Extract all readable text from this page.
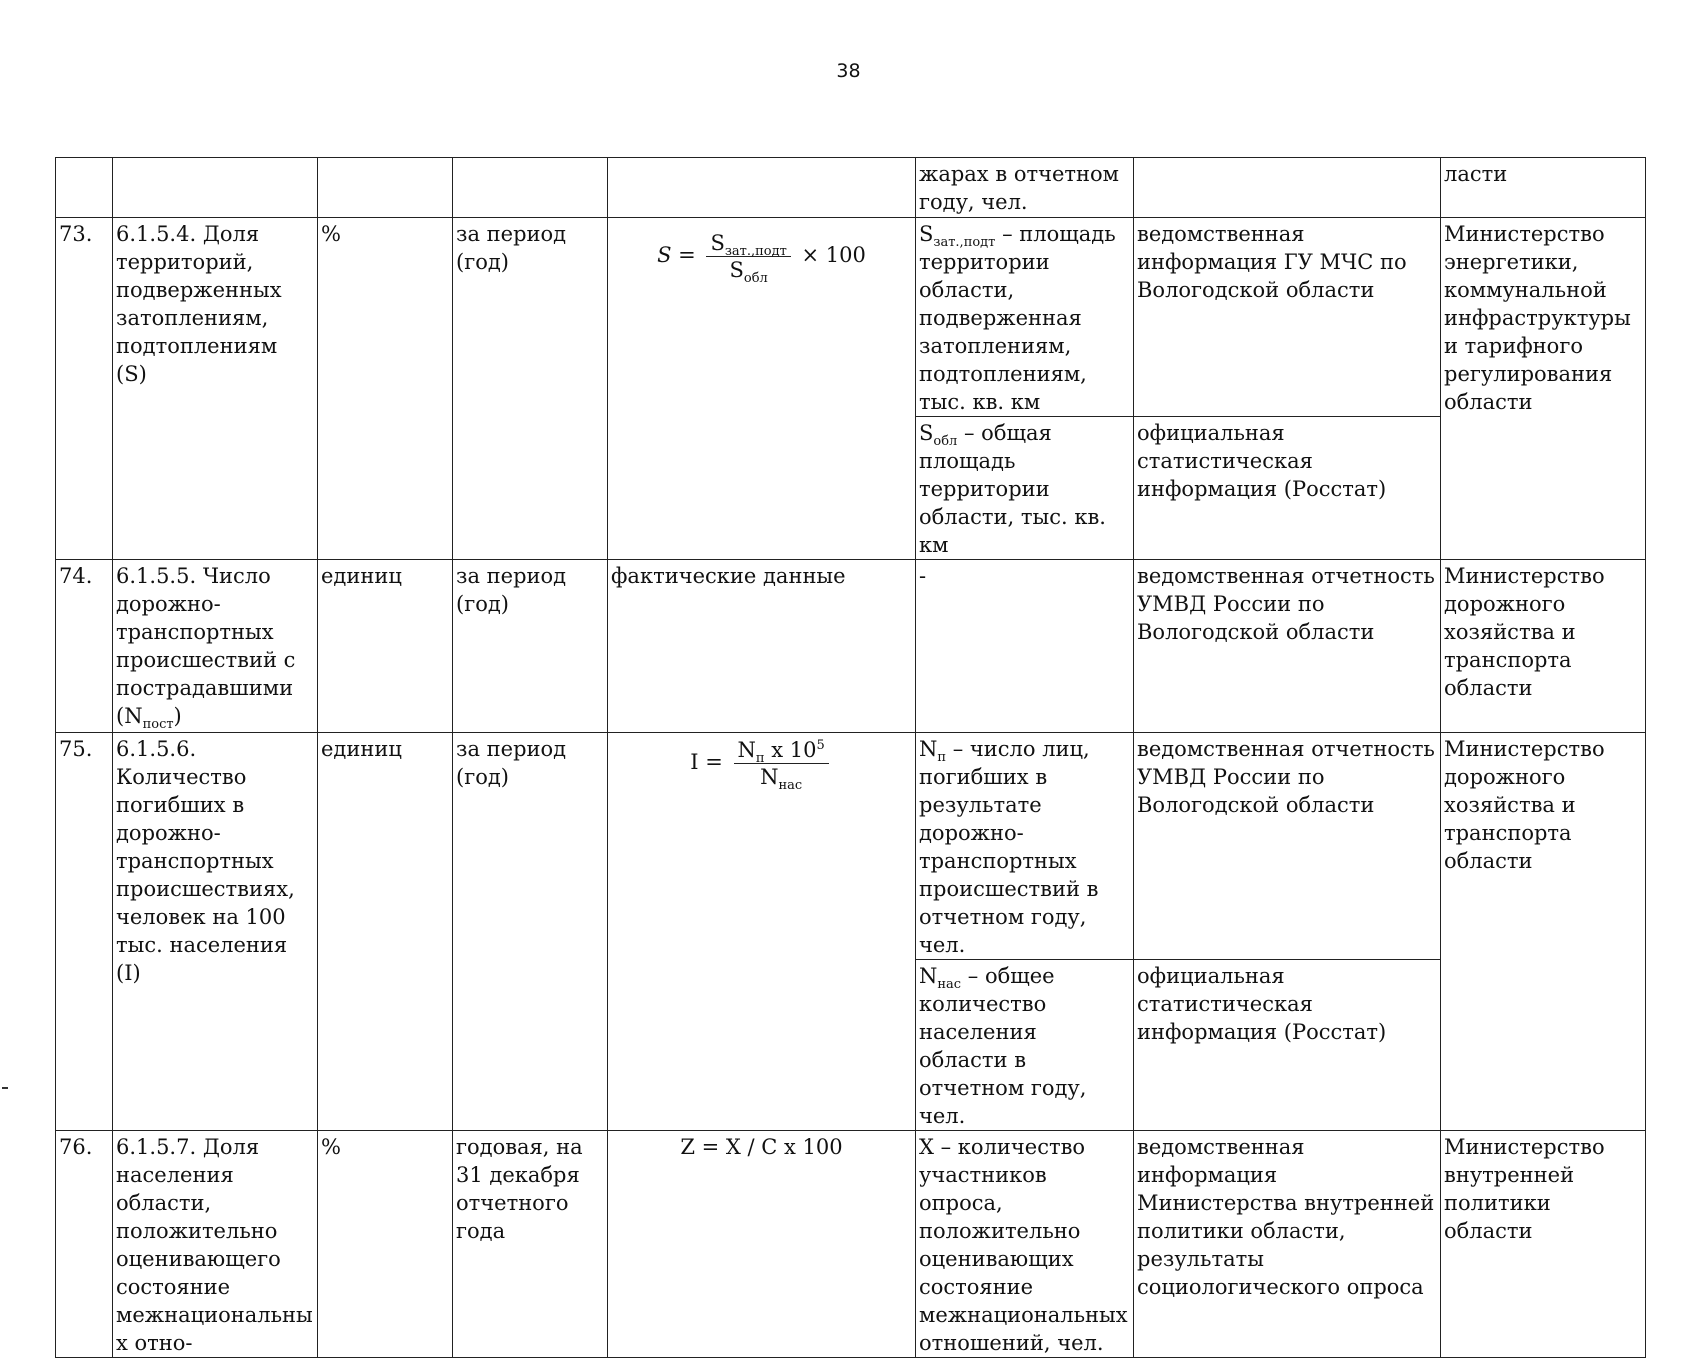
38
					жарах в отчетном году, чел.		ласти
73.	6.1.5.4. Доля территорий, подверженных затоплениям, подтоплениям (S)	%	за период (год)	$S = \frac{S_{зат.,подт}}{S_{обл}} \times 100$	$S_{зат.,подт}$ – площадь территории области, подверженная затоплениям, подтоплениям, тыс. кв. км	ведомственная информация ГУ МЧС по Вологодской области	Министерство энергетики, коммунальной инфраструктуры и тарифного регулирования области
					$S_{обл}$ – общая площадь территории области, тыс. кв. км	официальная статистическая информация (Росстат)	
74.	6.1.5.5. Число дорожно-транспортных происшествий с пострадавшими $(N_{пост})$	единиц	за период (год)	фактические данные	-	ведомственная отчетность УМВД России по Вологодской области	Министерство дорожного хозяйства и транспорта области
75.	6.1.5.6. Количество погибших в дорожно-транспортных происшествиях, человек на 100 тыс. населения (I)	единиц	за период (год)	$I = \frac{N_п x 10^5}{N_{нас}}$	$N_п$ – число лиц, погибших в результате дорожно-транспортных происшествий в отчетном году, чел.	ведомственная отчетность УМВД России по Вологодской области	Министерство дорожного хозяйства и транспорта области
					$N_{нас}$ – общее количество населения области в отчетном году, чел.	официальная статистическая информация (Росстат)	
76.	6.1.5.7. Доля населения области, положительно оценивающего состояние межнациональных отно-	%	годовая, на 31 декабря отчетного года	Z = X / C x 100	X – количество участников опроса, положительно оценивающих состояние межнациональных отношений, чел.	ведомственная информация Министерства внутренней политики области, результаты социологического опроса	Министерство внутренней политики области
